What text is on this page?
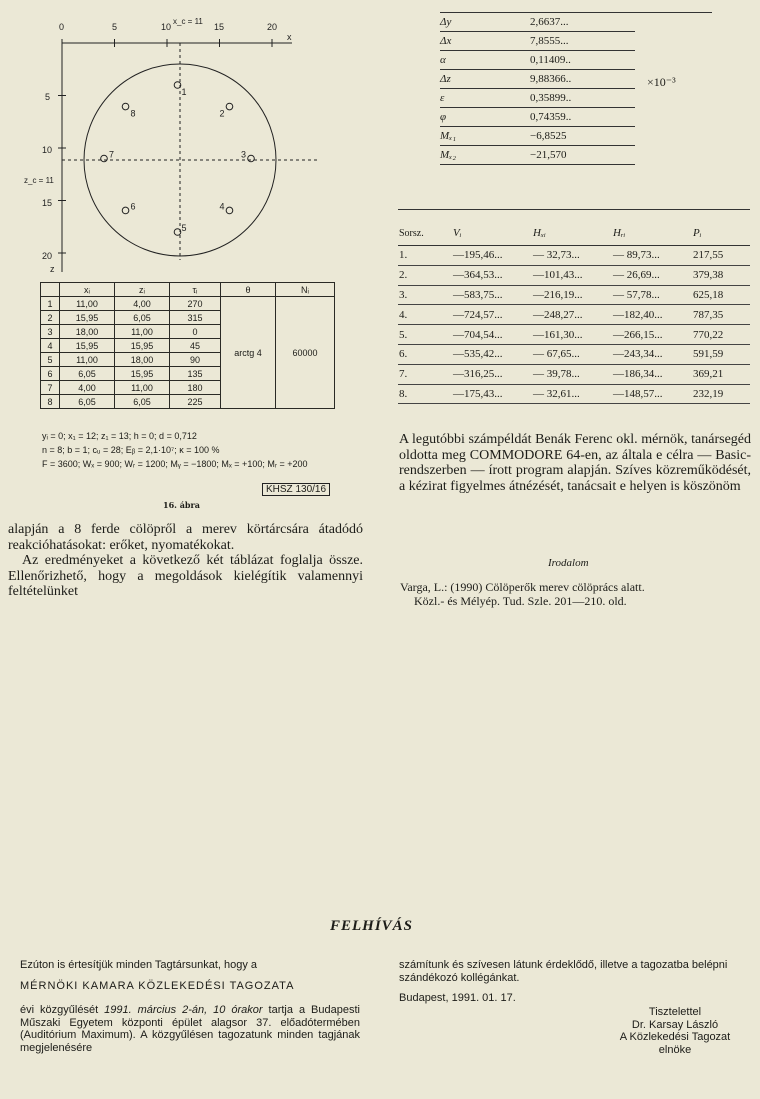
0	5	10	15	20
x
x_c = 11
5
10
15
20
z
z_c = 11
1
2
3
4
5
6
7
8
	xᵢ	zᵢ	τᵢ	θ	Nᵢ
1	11,00	4,00	270	arctg 4	60000
2	15,95	6,05	315		
3	18,00	11,00	0		
4	15,95	15,95	45		
5	11,00	18,00	90		
6	6,05	15,95	135		
7	4,00	11,00	180		
8	6,05	6,05	225		
yᵢ = 0; x₁ = 12; z₁ = 13; h = 0; d = 0,712
n = 8; b = 1; cᵤ = 28; Eᵦ = 2,1·10⁷; κ = 100 %
F = 3600; Wₓ = 900; Wᵣ = 1200; Mᵧ = −1800; Mₓ = +100; Mᵣ = +200
KHSZ 130/16
16. ábra

alapján a 8 ferde cölöpről a merev körtárcsára átadódó reakcióhatásokat: erőket, nyomatékokat.

Az eredményeket a következő két táblázat foglalja össze. Ellenőrizhető, hogy a megoldások kielégítik valamennyi feltételünket

Δy	2,6637...
Δx	7,8555...
α	0,11409..
Δz	9,88366..
ε	0,35899..
φ	0,74359..
Mₓ₁	−6,8525
Mₓ₂	−21,570
×10⁻³
Sorsz.	Vᵢ	Hₓᵢ	Hᵣᵢ	Pᵢ
1.	—195,46...	— 32,73...	— 89,73...	217,55
2.	—364,53...	—101,43...	— 26,69...	379,38
3.	—583,75...	—216,19...	— 57,78...	625,18
4.	—724,57...	—248,27...	—182,40...	787,35
5.	—704,54...	—161,30...	—266,15...	770,22
6.	—535,42...	— 67,65...	—243,34...	591,59
7.	—316,25...	— 39,78...	—186,34...	369,21
8.	—175,43...	— 32,61...	—148,57...	232,19

A legutóbbi számpéldát Benák Ferenc okl. mérnök, tanársegéd oldotta meg COMMODORE 64-en, az általa e célra — Basic-rendszerben — írott program alapján. Szíves közreműködését, a kézirat figyelmes átnézését, tanácsait e helyen is köszönöm

Irodalom

Varga, L.: (1990) Cölöperők merev cölöprács alatt.

Közl.- és Mélyép. Tud. Szle. 201—210. old.

FELHÍVÁS

Ezúton is értesítjük minden Tagtársunkat, hogy a

MÉRNÖKI KAMARA KÖZLEKEDÉSI TAGOZATA

évi közgyűlését 1991. március 2-án, 10 órakor tartja a Budapesti Műszaki Egyetem központi épület alagsor 37. előadótermében (Auditórium Maximum). A közgyűlésen tagozatunk minden tagjának megjelenésére

számítunk és szívesen látunk érdeklődő, illetve a tagozatba belépni szándékozó kollégánkat.

Budapest, 1991. 01. 17.
Tisztelettel
Dr. Karsay László
A Közlekedési Tagozat
elnöke
